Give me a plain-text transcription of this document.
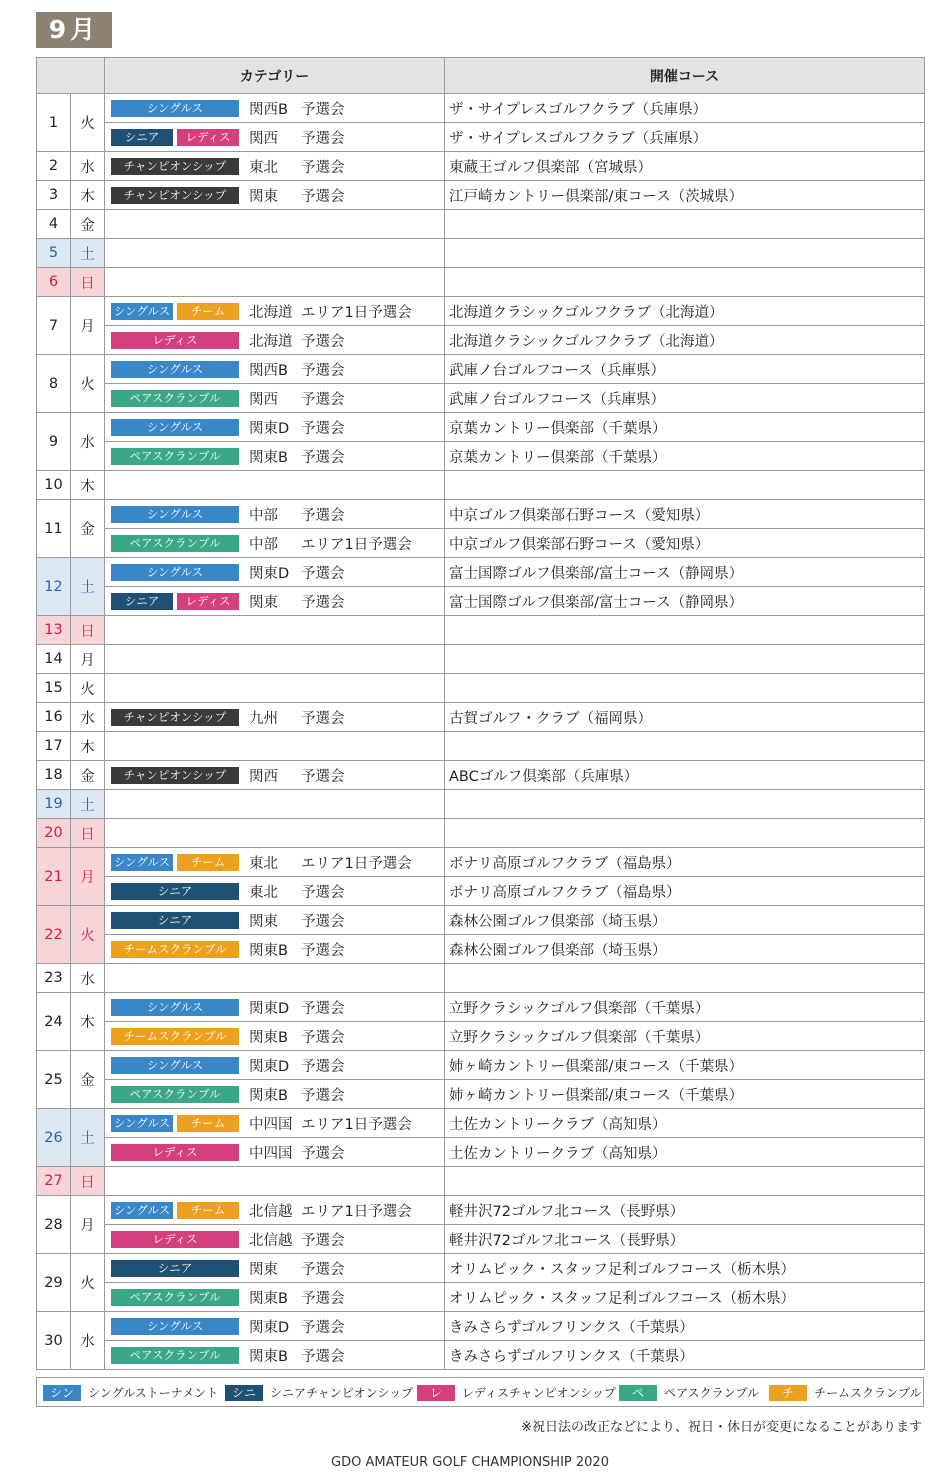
9月
		カテゴリー	開催コース
1	火	シングルス 関西B 予選会	ザ・サイプレスゴルフクラブ（兵庫県）
		シニア レディス 関西 予選会	ザ・サイプレスゴルフクラブ（兵庫県）
2	水	チャンピオンシップ 東北 予選会	東蔵王ゴルフ倶楽部（宮城県）
3	木	チャンピオンシップ 関東 予選会	江戸崎カントリー倶楽部/東コース（茨城県）
4	金		
5	土		
6	日		
7	月	シングルス チーム 北海道 エリア1日予選会	北海道クラシックゴルフクラブ（北海道）
		レディス 北海道 予選会	北海道クラシックゴルフクラブ（北海道）
8	火	シングルス 関西B 予選会	武庫ノ台ゴルフコース（兵庫県）
		ペアスクランブル 関西 予選会	武庫ノ台ゴルフコース（兵庫県）
9	水	シングルス 関東D 予選会	京葉カントリー倶楽部（千葉県）
		ペアスクランブル 関東B 予選会	京葉カントリー倶楽部（千葉県）
10	木		
11	金	シングルス 中部 予選会	中京ゴルフ倶楽部石野コース（愛知県）
		ペアスクランブル 中部 エリア1日予選会	中京ゴルフ倶楽部石野コース（愛知県）
12	土	シングルス 関東D 予選会	富士国際ゴルフ倶楽部/富士コース（静岡県）
		シニア レディス 関東 予選会	富士国際ゴルフ倶楽部/富士コース（静岡県）
13	日		
14	月		
15	火		
16	水	チャンピオンシップ 九州 予選会	古賀ゴルフ・クラブ（福岡県）
17	木		
18	金	チャンピオンシップ 関西 予選会	ABCゴルフ倶楽部（兵庫県）
19	土		
20	日		
21	月	シングルス チーム 東北 エリア1日予選会	ボナリ高原ゴルフクラブ（福島県）
		シニア 東北 予選会	ボナリ高原ゴルフクラブ（福島県）
22	火	シニア 関東 予選会	森林公園ゴルフ倶楽部（埼玉県）
		チームスクランブル 関東B 予選会	森林公園ゴルフ倶楽部（埼玉県）
23	水		
24	木	シングルス 関東D 予選会	立野クラシックゴルフ倶楽部（千葉県）
		チームスクランブル 関東B 予選会	立野クラシックゴルフ倶楽部（千葉県）
25	金	シングルス 関東D 予選会	姉ヶ崎カントリー倶楽部/東コース（千葉県）
		ペアスクランブル 関東B 予選会	姉ヶ崎カントリー倶楽部/東コース（千葉県）
26	土	シングルス チーム 中四国 エリア1日予選会	土佐カントリークラブ（高知県）
		レディス 中四国 予選会	土佐カントリークラブ（高知県）
27	日		
28	月	シングルス チーム 北信越 エリア1日予選会	軽井沢72ゴルフ北コース（長野県）
		レディス 北信越 予選会	軽井沢72ゴルフ北コース（長野県）
29	火	シニア 関東 予選会	オリムピック・スタッフ足利ゴルフコース（栃木県）
		ペアスクランブル 関東B 予選会	オリムピック・スタッフ足利ゴルフコース（栃木県）
30	水	シングルス 関東D 予選会	きみさらずゴルフリンクス（千葉県）
		ペアスクランブル 関東B 予選会	きみさらずゴルフリンクス（千葉県）
シン シングルストーナメント	シニ シニアチャンピオンシップ	レ レディスチャンピオンシップ	ペ ペアスクランブル	チ チームスクランブル
※祝日法の改正などにより、祝日・休日が変更になることがあります
GDO AMATEUR GOLF CHAMPIONSHIP 2020
